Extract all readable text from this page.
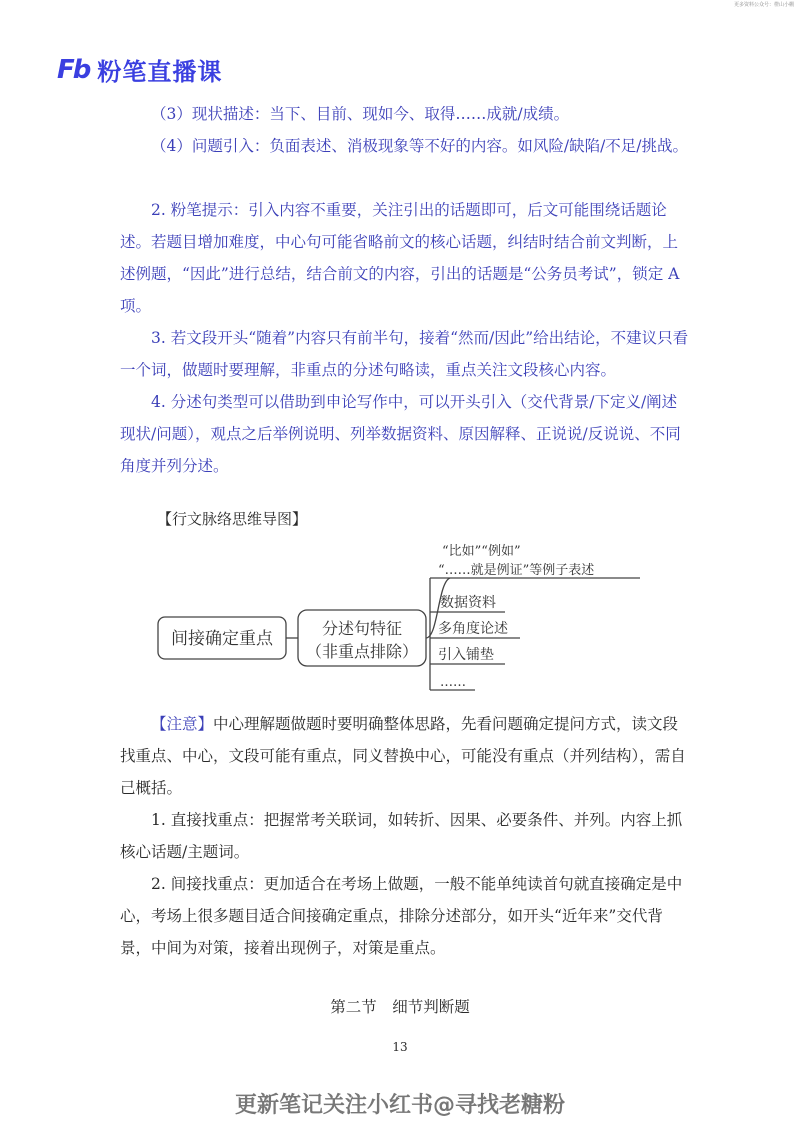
更多资料公众号：橙山小棚
Fb 粉笔直播课
（3）现状描述：当下、目前、现如今、取得……成就/成绩。
（4）问题引入：负面表述、消极现象等不好的内容。如风险/缺陷/不足/挑战。
2. 粉笔提示：引入内容不重要，关注引出的话题即可，后文可能围绕话题论述。若题目增加难度，中心句可能省略前文的核心话题，纠结时结合前文判断，上述例题，“因此”进行总结，结合前文的内容，引出的话题是“公务员考试”，锁定 A 项。
3. 若文段开头“随着”内容只有前半句，接着“然而/因此”给出结论，不建议只看一个词，做题时要理解，非重点的分述句略读，重点关注文段核心内容。
4. 分述句类型可以借助到申论写作中，可以开头引入（交代背景/下定义/阐述现状/问题），观点之后举例说明、列举数据资料、原因解释、正说说/反说说、不同角度并列分述。
【行文脉络思维导图】
间接确定重点
分述句特征
（非重点排除）
“比如”“例如”
“……就是例证”等例子表述
数据资料
多角度论述
引入铺垫
……
【注意】中心理解题做题时要明确整体思路，先看问题确定提问方式，读文段找重点、中心，文段可能有重点，同义替换中心，可能没有重点（并列结构），需自己概括。
1. 直接找重点：把握常考关联词，如转折、因果、必要条件、并列。内容上抓核心话题/主题词。
2. 间接找重点：更加适合在考场上做题，一般不能单纯读首句就直接确定是中心，考场上很多题目适合间接确定重点，排除分述部分，如开头“近年来”交代背景，中间为对策，接着出现例子，对策是重点。
第二节　细节判断题
13
更新笔记关注小红书@寻找老糖粉
